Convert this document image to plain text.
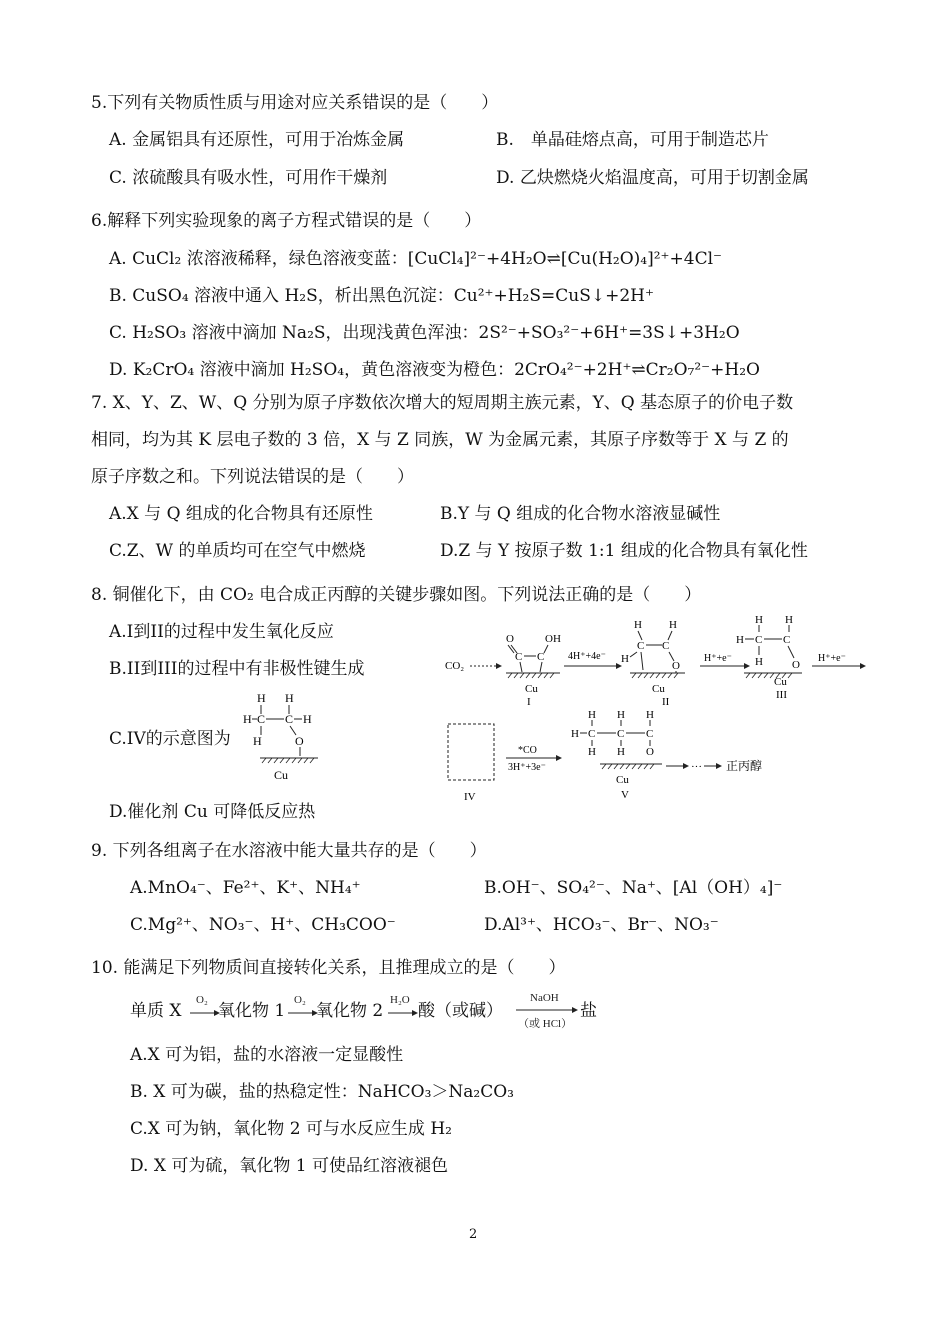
5.下列有关物质性质与用途对应关系错误的是（　　）
A. 金属铝具有还原性，可用于冶炼金属	B.　单晶硅熔点高，可用于制造芯片
C. 浓硫酸具有吸水性，可用作干燥剂	D. 乙炔燃烧火焰温度高，可用于切割金属
6.解释下列实验现象的离子方程式错误的是（　　）
A. CuCl₂ 浓溶液稀释，绿色溶液变蓝：[CuCl₄]²⁻+4H₂O⇌[Cu(H₂O)₄]²⁺+4Cl⁻
B. CuSO₄ 溶液中通入 H₂S，析出黑色沉淀：Cu²⁺+H₂S=CuS↓+2H⁺
C. H₂SO₃ 溶液中滴加 Na₂S，出现浅黄色浑浊：2S²⁻+SO₃²⁻+6H⁺=3S↓+3H₂O
D. K₂CrO₄ 溶液中滴加 H₂SO₄，黄色溶液变为橙色：2CrO₄²⁻+2H⁺⇌Cr₂O₇²⁻+H₂O
7. X、Y、Z、W、Q 分别为原子序数依次增大的短周期主族元素，Y、Q 基态原子的价电子数
相同，均为其 K 层电子数的 3 倍，X 与 Z 同族，W 为金属元素，其原子序数等于 X 与 Z 的
原子序数之和。下列说法错误的是（　　）
A.X 与 Q 组成的化合物具有还原性	B.Y 与 Q 组成的化合物水溶液显碱性
C.Z、W 的单质均可在空气中燃烧	D.Z 与 Y 按原子数 1:1 组成的化合物具有氧化性
8. 铜催化下，由 CO₂ 电合成正丙醇的关键步骤如图。下列说法正确的是（　　）
A.I到II的过程中发生氧化反应
B.II到III的过程中有非极性键生成
C.IV的示意图为
D.催化剂 Cu 可降低反应热
H H
H C C H
H	O
Cu
CO₂
O	OH
C C
Cu
I
4H⁺+4e⁻
H H
C C
H
O
Cu
II
H⁺+e⁻
H H
H C C
H	O
Cu
III
H⁺+e⁻
IV
*CO
3H⁺+3e⁻
H H H
H C C C
H H O
Cu
V
··· 正丙醇
9. 下列各组离子在水溶液中能大量共存的是（　　）
A.MnO₄⁻、Fe²⁺、K⁺、NH₄⁺	B.OH⁻、SO₄²⁻、Na⁺、[Al（OH）₄]⁻
C.Mg²⁺、NO₃⁻、H⁺、CH₃COO⁻	D.Al³⁺、HCO₃⁻、Br⁻、NO₃⁻
10. 能满足下列物质间直接转化关系，且推理成立的是（　　）
单质 X
O₂
氧化物 1
O₂
氧化物 2
H₂O
酸（或碱）
NaOH
（或 HCl）
盐
A.X 可为铝，盐的水溶液一定显酸性
B. X 可为碳，盐的热稳定性：NaHCO₃＞Na₂CO₃
C.X 可为钠，氧化物 2 可与水反应生成 H₂
D. X 可为硫，氧化物 1 可使品红溶液褪色
2
